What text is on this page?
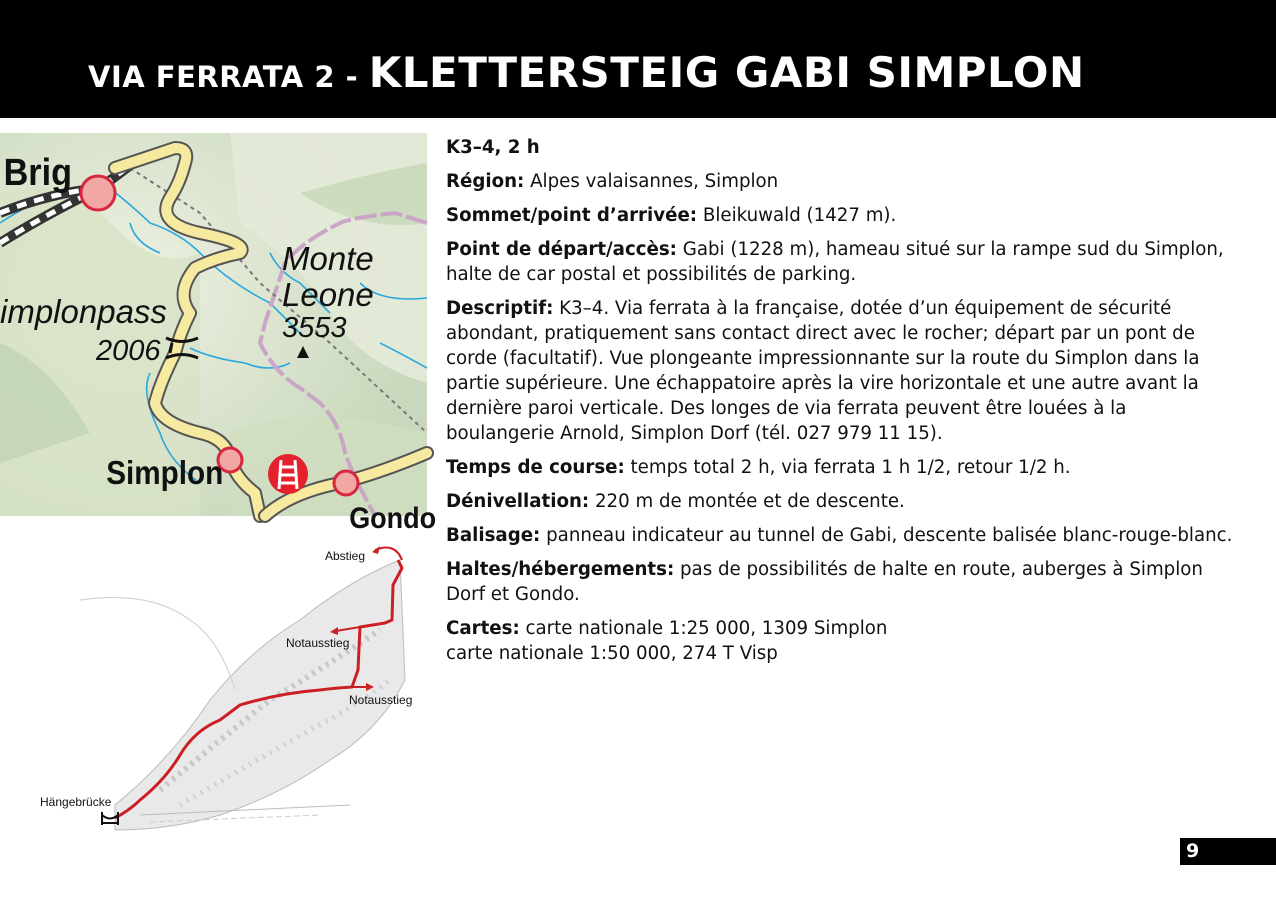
VIA FERRATA 2 - KLETTERSTEIG GABI SIMPLON
Brig
Monte
Leone
3553
implonpass
2006
Simplon
Gondo
Abstieg
Notausstieg
Notausstieg
Hängebrücke

K3–4, 2 h

Région: Alpes valaisannes, Simplon

Sommet/point d’arrivée: Bleikuwald (1427 m).

Point de départ/accès: Gabi (1228 m), hameau situé sur la rampe sud du Simplon, halte de car postal et possibilités de parking.

Descriptif: K3–4. Via ferrata à la française, dotée d’un équipement de sécurité abondant, pratiquement sans contact direct avec le rocher; départ par un pont de corde (facultatif). Vue plongeante impressionnante sur la route du Simplon dans la partie supérieure. Une échappatoire après la vire horizontale et une autre avant la dernière paroi verticale. Des longes de via ferrata peuvent être louées à la boulangerie Arnold, Simplon Dorf (tél. 027 979 11 15).

Temps de course: temps total 2 h, via ferrata 1 h 1/2, retour 1/2 h.

Dénivellation: 220 m de montée et de descente.

Balisage: panneau indicateur au tunnel de Gabi, descente balisée blanc-rouge-blanc.

Haltes/hébergements: pas de possibilités de halte en route, auberges à Simplon Dorf et Gondo.

Cartes: carte nationale 1:25 000, 1309 Simplon
carte nationale 1:50 000, 274 T Visp

9
